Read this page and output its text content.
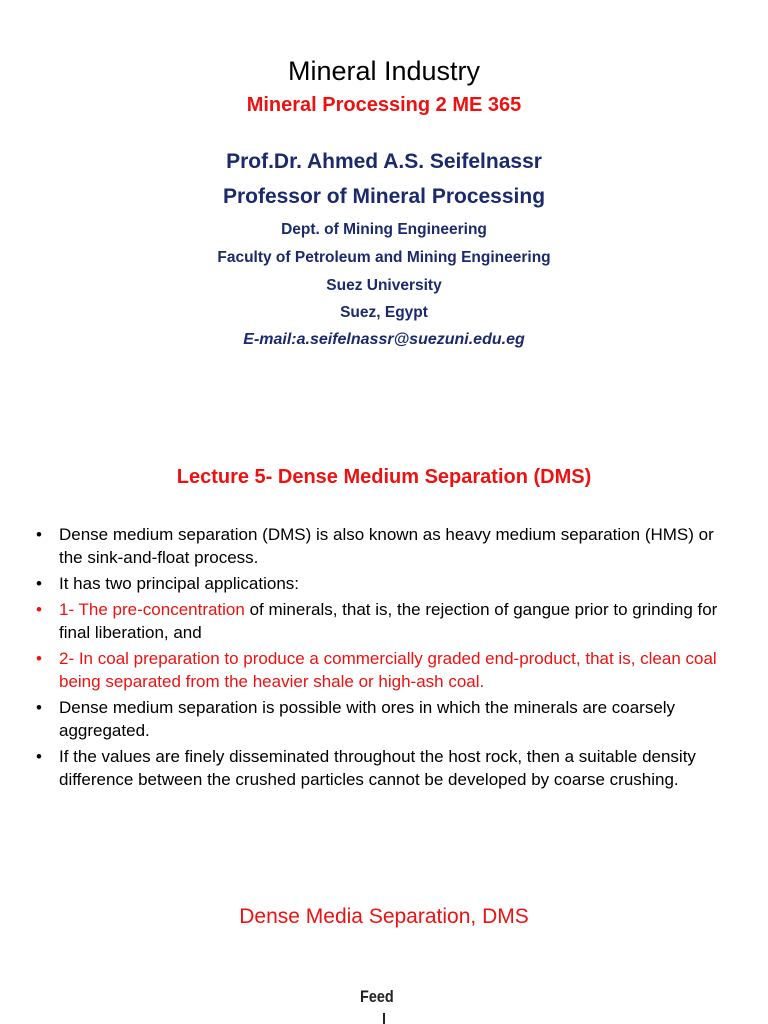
Mineral Industry
Mineral Processing 2 ME 365
Prof.Dr. Ahmed A.S. Seifelnassr
Professor of Mineral Processing
Dept. of Mining Engineering
Faculty of Petroleum and Mining Engineering
Suez University
Suez, Egypt
E-mail:a.seifelnassr@suezuni.edu.eg
Lecture 5- Dense Medium Separation (DMS)
• Dense medium separation (DMS) is also known as heavy medium separation (HMS) or the sink-and-float process.
• It has two principal applications:
• 1- The pre-concentration of minerals, that is, the rejection of gangue prior to grinding for final liberation, and
• 2- In coal preparation to produce a commercially graded end-product, that is, clean coal being separated from the heavier shale or high-ash coal.
• Dense medium separation is possible with ores in which the minerals are coarsely aggregated.
• If the values are finely disseminated throughout the host rock, then a suitable density difference between the crushed particles cannot be developed by coarse crushing.
Dense Media Separation, DMS
Feed
